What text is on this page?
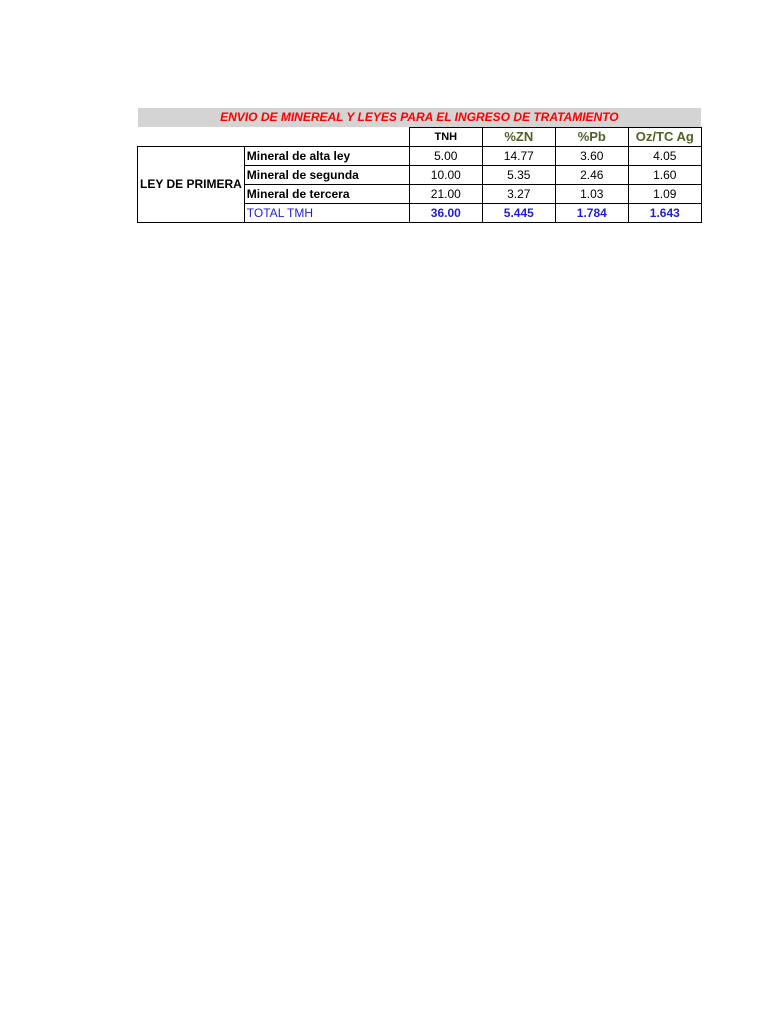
ENVIO DE MINEREAL Y LEYES PARA EL INGRESO DE TRATAMIENTO					
		TNH	%ZN	%Pb	Oz/TC Ag
LEY DE PRIMERA	Mineral de alta ley	5.00	14.77	3.60	4.05
	Mineral de segunda	10.00	5.35	2.46	1.60
	Mineral de tercera	21.00	3.27	1.03	1.09
	TOTAL TMH	36.00	5.445	1.784	1.643
